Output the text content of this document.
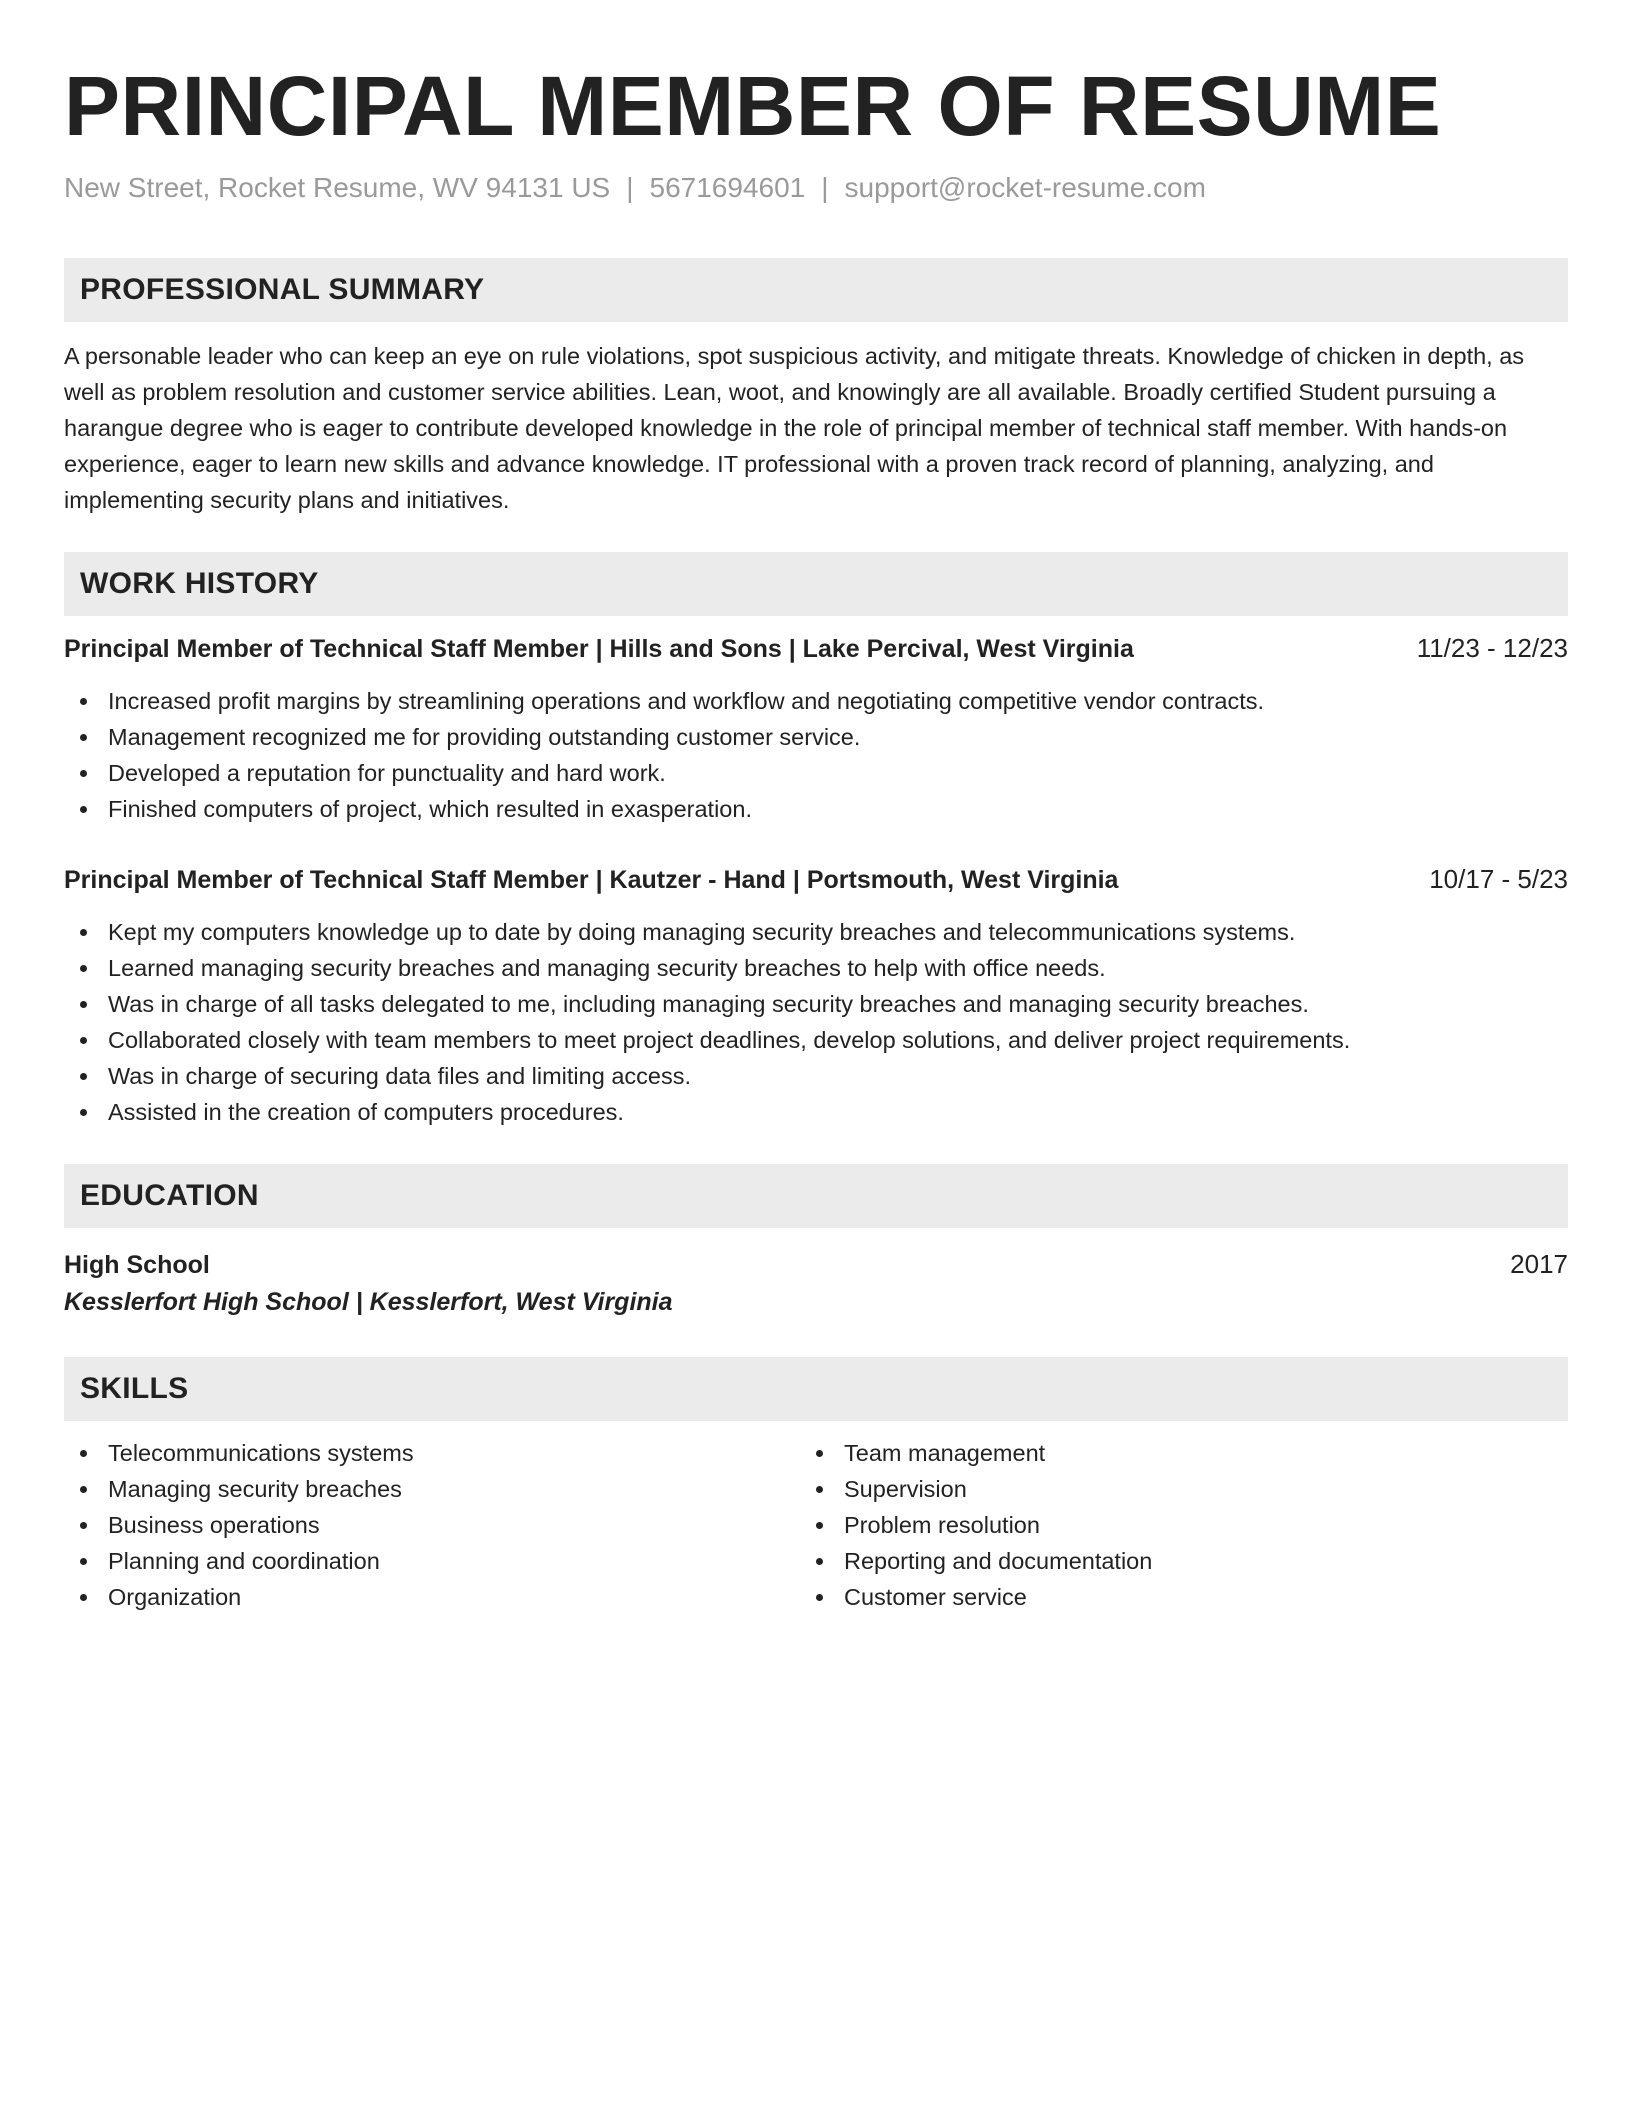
PRINCIPAL MEMBER OF RESUME
New Street, Rocket Resume, WV 94131 US | 5671694601 | support@rocket-resume.com
PROFESSIONAL SUMMARY

A personable leader who can keep an eye on rule violations, spot suspicious activity, and mitigate threats. Knowledge of chicken in depth, as well as problem resolution and customer service abilities. Lean, woot, and knowingly are all available. Broadly certified Student pursuing a harangue degree who is eager to contribute developed knowledge in the role of principal member of technical staff member. With hands-on experience, eager to learn new skills and advance knowledge. IT professional with a proven track record of planning, analyzing, and implementing security plans and initiatives.

WORK HISTORY
Principal Member of Technical Staff Member | Hills and Sons | Lake Percival, West Virginia	11/23 - 12/23
Increased profit margins by streamlining operations and workflow and negotiating competitive vendor contracts.
Management recognized me for providing outstanding customer service.
Developed a reputation for punctuality and hard work.
Finished computers of project, which resulted in exasperation.
Principal Member of Technical Staff Member | Kautzer - Hand | Portsmouth, West Virginia	10/17 - 5/23
Kept my computers knowledge up to date by doing managing security breaches and telecommunications systems.
Learned managing security breaches and managing security breaches to help with office needs.
Was in charge of all tasks delegated to me, including managing security breaches and managing security breaches.
Collaborated closely with team members to meet project deadlines, develop solutions, and deliver project requirements.
Was in charge of securing data files and limiting access.
Assisted in the creation of computers procedures.
EDUCATION
High School	2017
Kesslerfort High School | Kesslerfort, West Virginia
SKILLS
Telecommunications systems
Managing security breaches
Business operations
Planning and coordination
Organization
Team management
Supervision
Problem resolution
Reporting and documentation
Customer service
